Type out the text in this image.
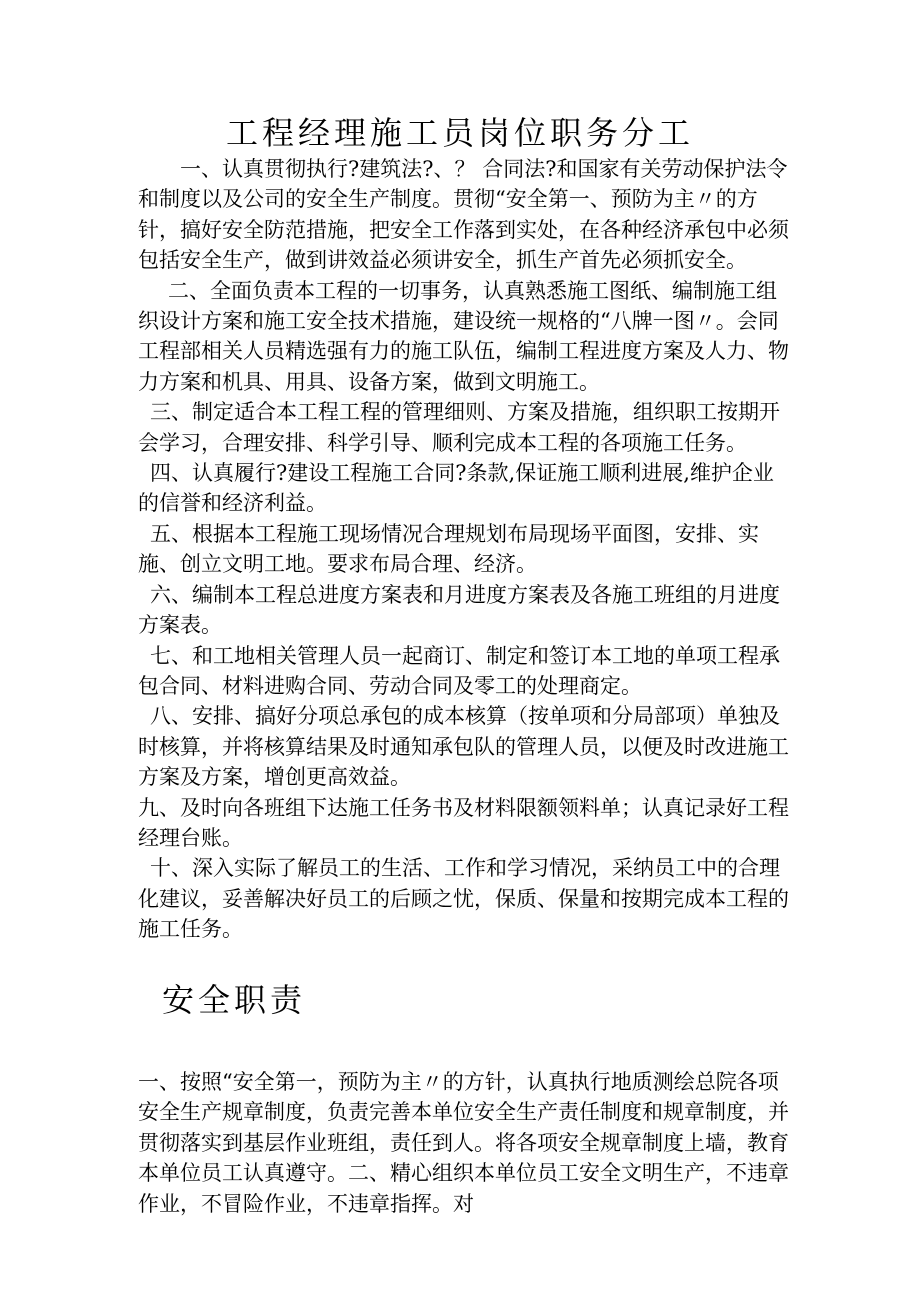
工程经理施工员岗位职务分工

一、认真贯彻执行?建筑法?、？ 合同法?和国家有关劳动保护法令和制度以及公司的安全生产制度。贯彻“安全第一、预防为主〃的方针，搞好安全防范措施，把安全工作落到实处，在各种经济承包中必须包括安全生产，做到讲效益必须讲安全，抓生产首先必须抓安全。

二、全面负责本工程的一切事务，认真熟悉施工图纸、编制施工组织设计方案和施工安全技术措施，建设统一规格的“八牌一图〃。会同工程部相关人员精选强有力的施工队伍，编制工程进度方案及人力、物力方案和机具、用具、设备方案，做到文明施工。

三、制定适合本工程工程的管理细则、方案及措施，组织职工按期开会学习，合理安排、科学引导、顺利完成本工程的各项施工任务。

四、认真履行?建设工程施工合同?条款,保证施工顺利进展,维护企业的信誉和经济利益。

五、根据本工程施工现场情况合理规划布局现场平面图，安排、实施、创立文明工地。要求布局合理、经济。

六、编制本工程总进度方案表和月进度方案表及各施工班组的月进度方案表。

七、和工地相关管理人员一起商订、制定和签订本工地的单项工程承包合同、材料进购合同、劳动合同及零工的处理商定。

八、安排、搞好分项总承包的成本核算（按单项和分局部项）单独及时核算，并将核算结果及时通知承包队的管理人员，以便及时改进施工方案及方案，增创更高效益。

九、及时向各班组下达施工任务书及材料限额领料单；认真记录好工程经理台账。

十、深入实际了解员工的生活、工作和学习情况，采纳员工中的合理化建议，妥善解决好员工的后顾之忧，保质、保量和按期完成本工程的施工任务。

安全职责

一、按照“安全第一，预防为主〃的方针，认真执行地质测绘总院各项安全生产规章制度，负责完善本单位安全生产责任制度和规章制度，并贯彻落实到基层作业班组，责任到人。将各项安全规章制度上墙，教育本单位员工认真遵守。二、精心组织本单位员工安全文明生产，不违章作业，不冒险作业，不违章指挥。对
